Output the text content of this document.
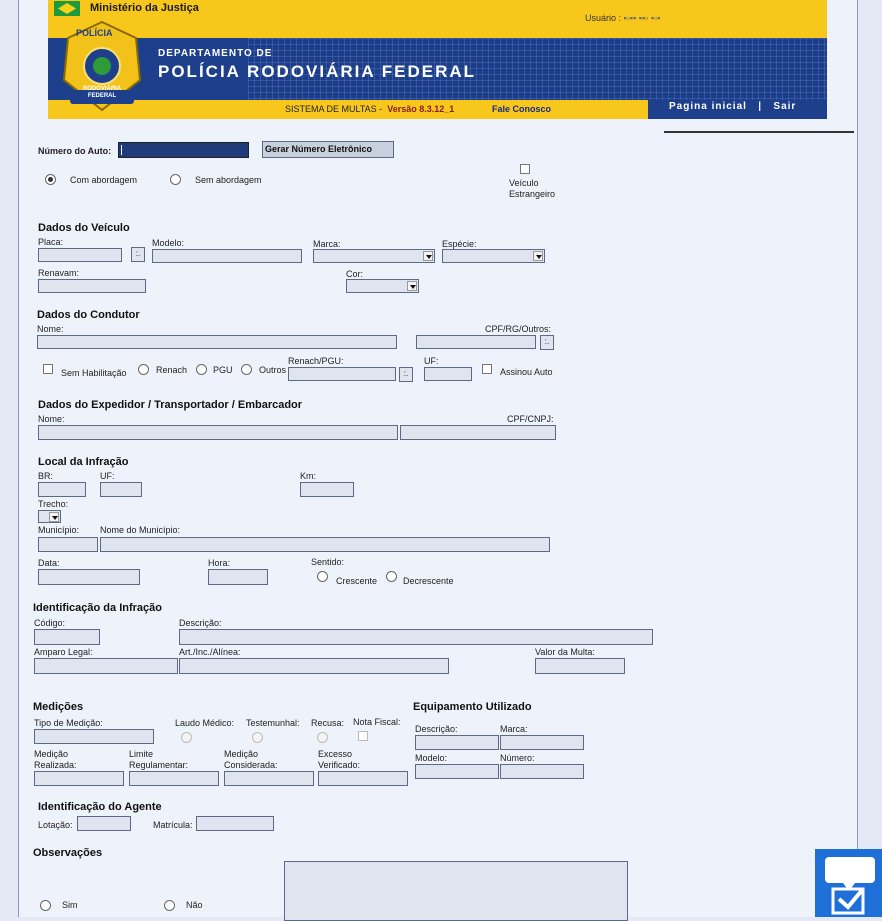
Ministério da Justiça
Usuário : ▪▫▪▪ ▪▪▫ ▪▫▪
POLÍCIA
RODOVIÁRIA FEDERAL
DEPARTAMENTO DE
POLÍCIA RODOVIÁRIA FEDERAL
SISTEMA DE MULTAS - Versão 8.3.12_1	Fale Conosco	Pagina inicial | Sair
Número do Auto:	Gerar Número Eletrônico
Com abordagem	Sem abordagem	Veículo Estrangeiro
Dados do Veículo
Placa:
:.
Modelo:	Marca:	Espécie:
Renavam:	Cor:
Dados do Condutor
Nome:	CPF/RG/Outros:
:.
Sem Habilitação	Renach	PGU	Outros
Renach/PGU:
:.
UF:
Assinou Auto
Dados do Expedidor / Transportador / Embarcador
Nome:	CPF/CNPJ:
Local da Infração
BR:	UF:	Km:
Trecho:
Município: Nome do Município:
Data:	Hora:	Sentido:
Crescente	Decrescente
Identificação da Infração
Código:	Descrição:
Amparo Legal:	Art./Inc./Alínea:	Valor da Multa:
Medições
Tipo de Medição:	Laudo Médico: Testemunhal: Recusa: Nota Fiscal:
Medição
Realizada:
Limite
Regulamentar:
Medição
Considerada:
Excesso
Verificado:
Equipamento Utilizado
Descrição:	Marca:
Modelo:	Número:
Identificação do Agente
Lotação:	Matrícula:
Observações
Sim	Não
